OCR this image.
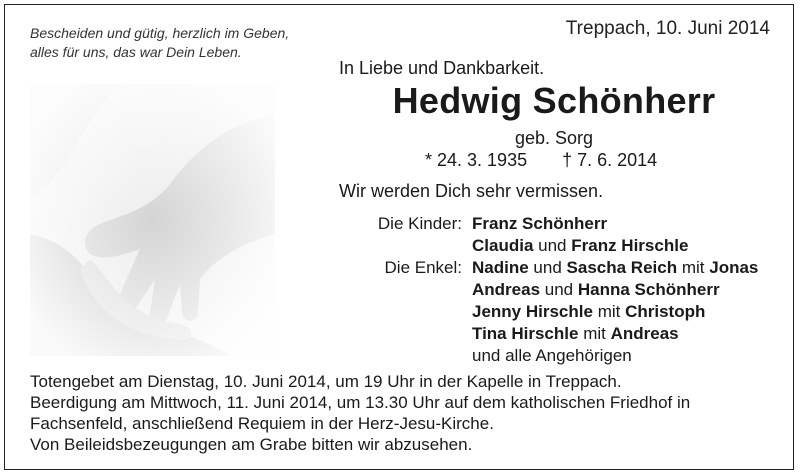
Bescheiden und gütig, herzlich im Geben,
alles für uns, das war Dein Leben.
Treppach, 10. Juni 2014
In Liebe und Dankbarkeit.
Hedwig Schönherr
geb. Sorg
* 24. 3. 1935 † 7. 6. 2014
Wir werden Dich sehr vermissen.
Die Kinder: Franz Schönherr
Claudia und Franz Hirschle
Die Enkel: Nadine und Sascha Reich mit Jonas
Andreas und Hanna Schönherr
Jenny Hirschle mit Christoph
Tina Hirschle mit Andreas
und alle Angehörigen
Totengebet am Dienstag, 10. Juni 2014, um 19 Uhr in der Kapelle in Treppach.
Beerdigung am Mittwoch, 11. Juni 2014, um 13.30 Uhr auf dem katholischen Friedhof in
Fachsenfeld, anschließend Requiem in der Herz-Jesu-Kirche.
Von Beileidsbezeugungen am Grabe bitten wir abzusehen.
